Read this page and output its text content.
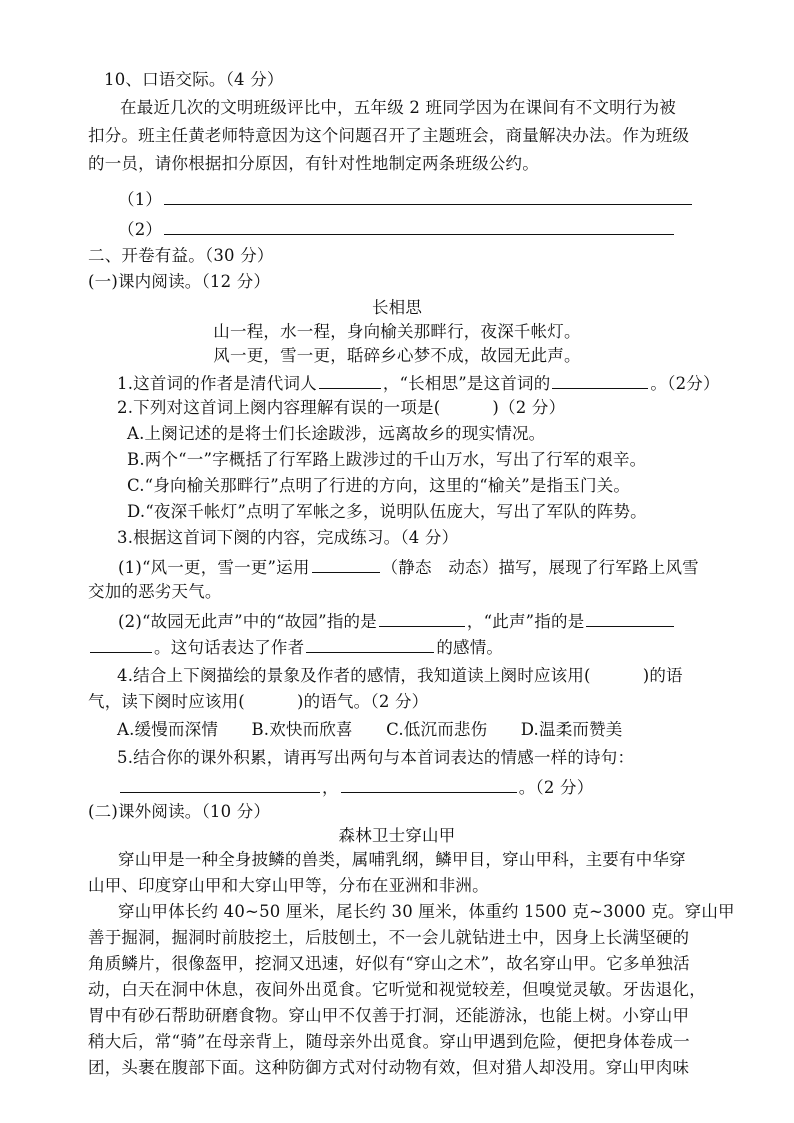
10、口语交际。（4 分）
在最近几次的文明班级评比中，五年级 2 班同学因为在课间有不文明行为被
扣分。班主任黄老师特意因为这个问题召开了主题班会，商量解决办法。作为班级
的一员，请你根据扣分原因，有针对性地制定两条班级公约。
（1）
（2）
二、开卷有益。（30 分）
(一)课内阅读。（12 分）
长相思
山一程，水一程，身向榆关那畔行，夜深千帐灯。
风一更，雪一更，聒碎乡心梦不成，故园无此声。
1.这首词的作者是清代词人	，“长相思”是这首词的	。（2分）
2.下列对这首词上阕内容理解有误的一项是(	)（2 分）
A.上阕记述的是将士们长途跋涉，远离故乡的现实情况。
B.两个“一”字概括了行军路上跋涉过的千山万水，写出了行军的艰辛。
C.“身向榆关那畔行”点明了行进的方向，这里的“榆关”是指玉门关。
D.“夜深千帐灯”点明了军帐之多，说明队伍庞大，写出了军队的阵势。
3.根据这首词下阕的内容，完成练习。（4 分）
(1)“风一更，雪一更”运用	（静态　动态）描写，展现了行军路上风雪
交加的恶劣天气。
(2)“故园无此声”中的“故园”指的是	，“此声”指的是
。这句话表达了作者	的感情。
4.结合上下阕描绘的景象及作者的感情，我知道读上阕时应该用(	)的语
气，读下阕时应该用(	)的语气。（2 分）
A.缓慢而深情　　B.欢快而欣喜　　C.低沉而悲伤　　D.温柔而赞美
5.结合你的课外积累，请再写出两句与本首词表达的情感一样的诗句：
，	。（2 分）
(二)课外阅读。（10 分）
森林卫士穿山甲
穿山甲是一种全身披鳞的兽类，属哺乳纲，鳞甲目，穿山甲科，主要有中华穿
山甲、印度穿山甲和大穿山甲等，分布在亚洲和非洲。
穿山甲体长约 40~50 厘米，尾长约 30 厘米，体重约 1500 克~3000 克。穿山甲
善于掘洞，掘洞时前肢挖土，后肢刨土，不一会儿就钻进土中，因身上长满坚硬的
角质鳞片，很像盔甲，挖洞又迅速，好似有“穿山之术”，故名穿山甲。它多单独活
动，白天在洞中休息，夜间外出觅食。它听觉和视觉较差，但嗅觉灵敏。牙齿退化，
胃中有砂石帮助研磨食物。穿山甲不仅善于打洞，还能游泳，也能上树。小穿山甲
稍大后，常“骑”在母亲背上，随母亲外出觅食。穿山甲遇到危险，便把身体卷成一
团，头裹在腹部下面。这种防御方式对付动物有效，但对猎人却没用。穿山甲肉味
